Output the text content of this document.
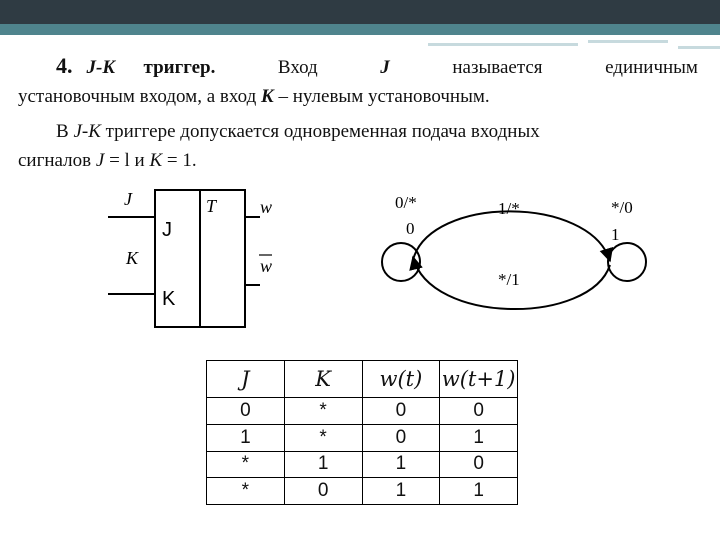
4. J-K триггер.	Вход	J	называется	единичным
установочным входом, а вход K – нулевым установочным.
В J-K триггере допускается одновременная подача входных
сигналов J = l и K = 1.
J
K
J
K
T w
w
0/*
0
1/*	*/0
1
*/1
J	K	w(t)	w(t+1)
0	*	0	0
1	*	0	1
*	1	1	0
*	0	1	1
